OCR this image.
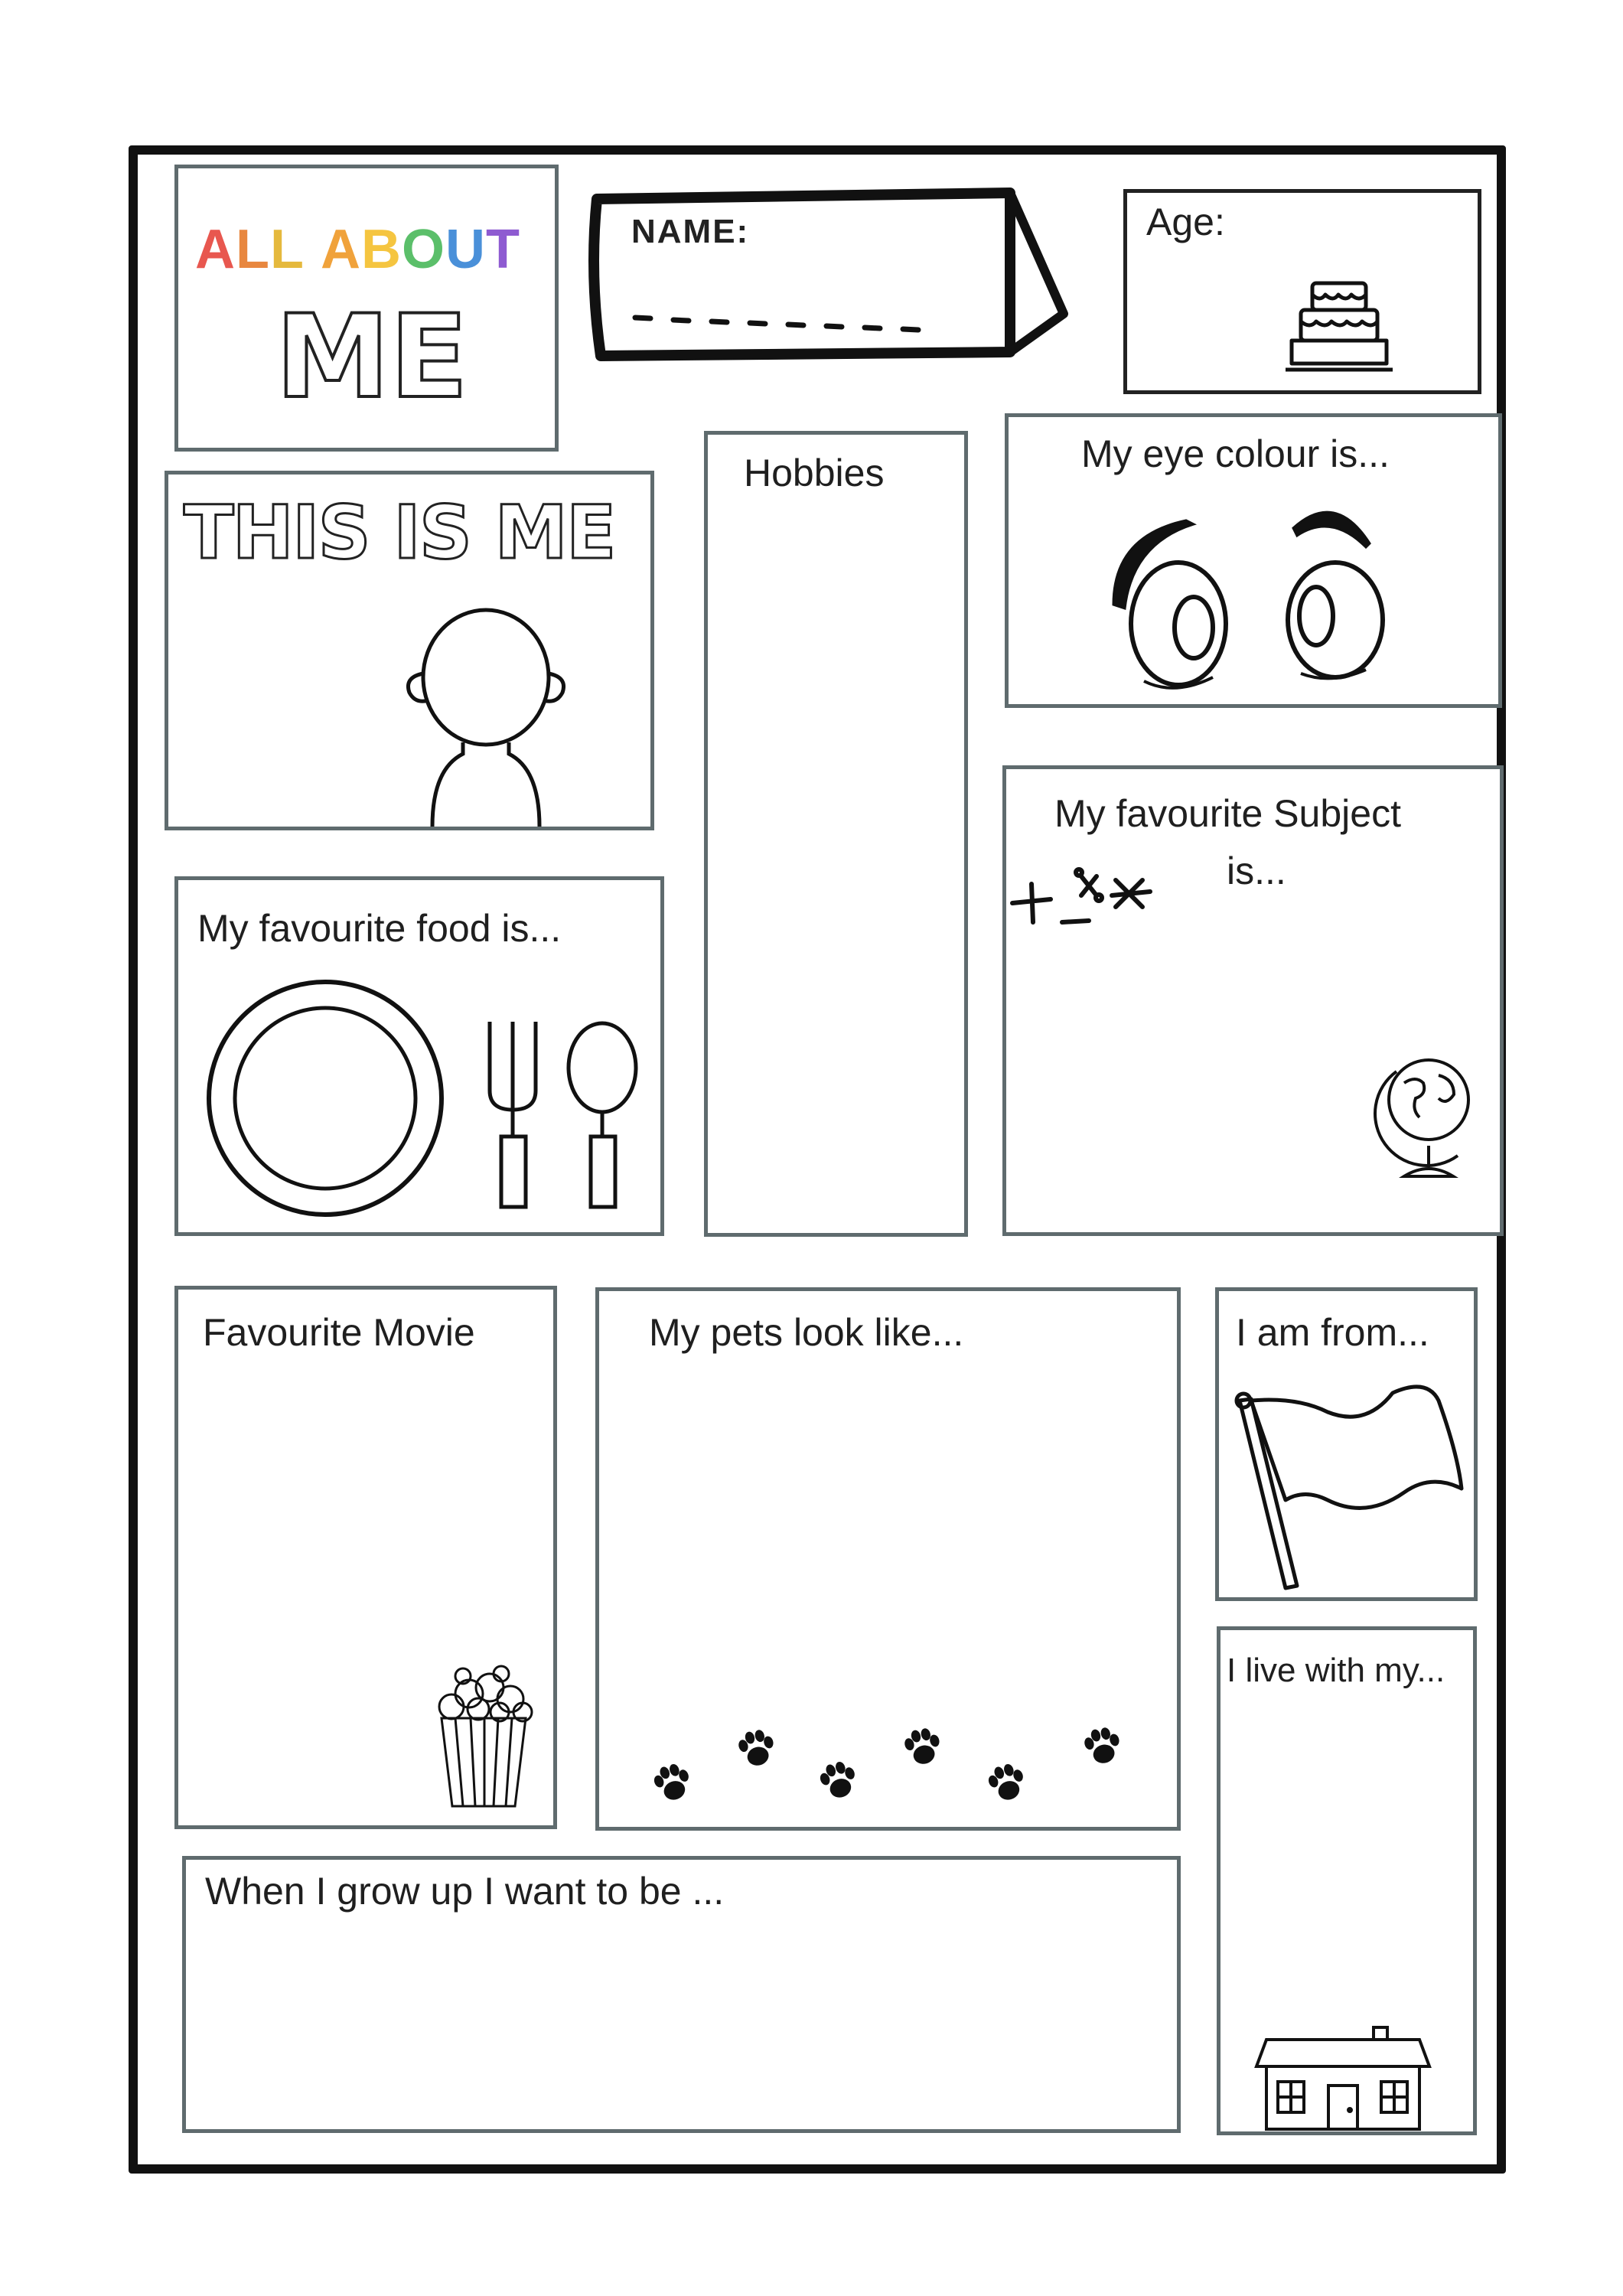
ALL ABOUT
ME
NAME:	Age:
THIS IS ME
Hobbies	My eye colour is...
My favourite food is...
My favourite Subject
is...
Favourite Movie	My pets look like...	I am from...
I live with my...
When I grow up I want to be ...
